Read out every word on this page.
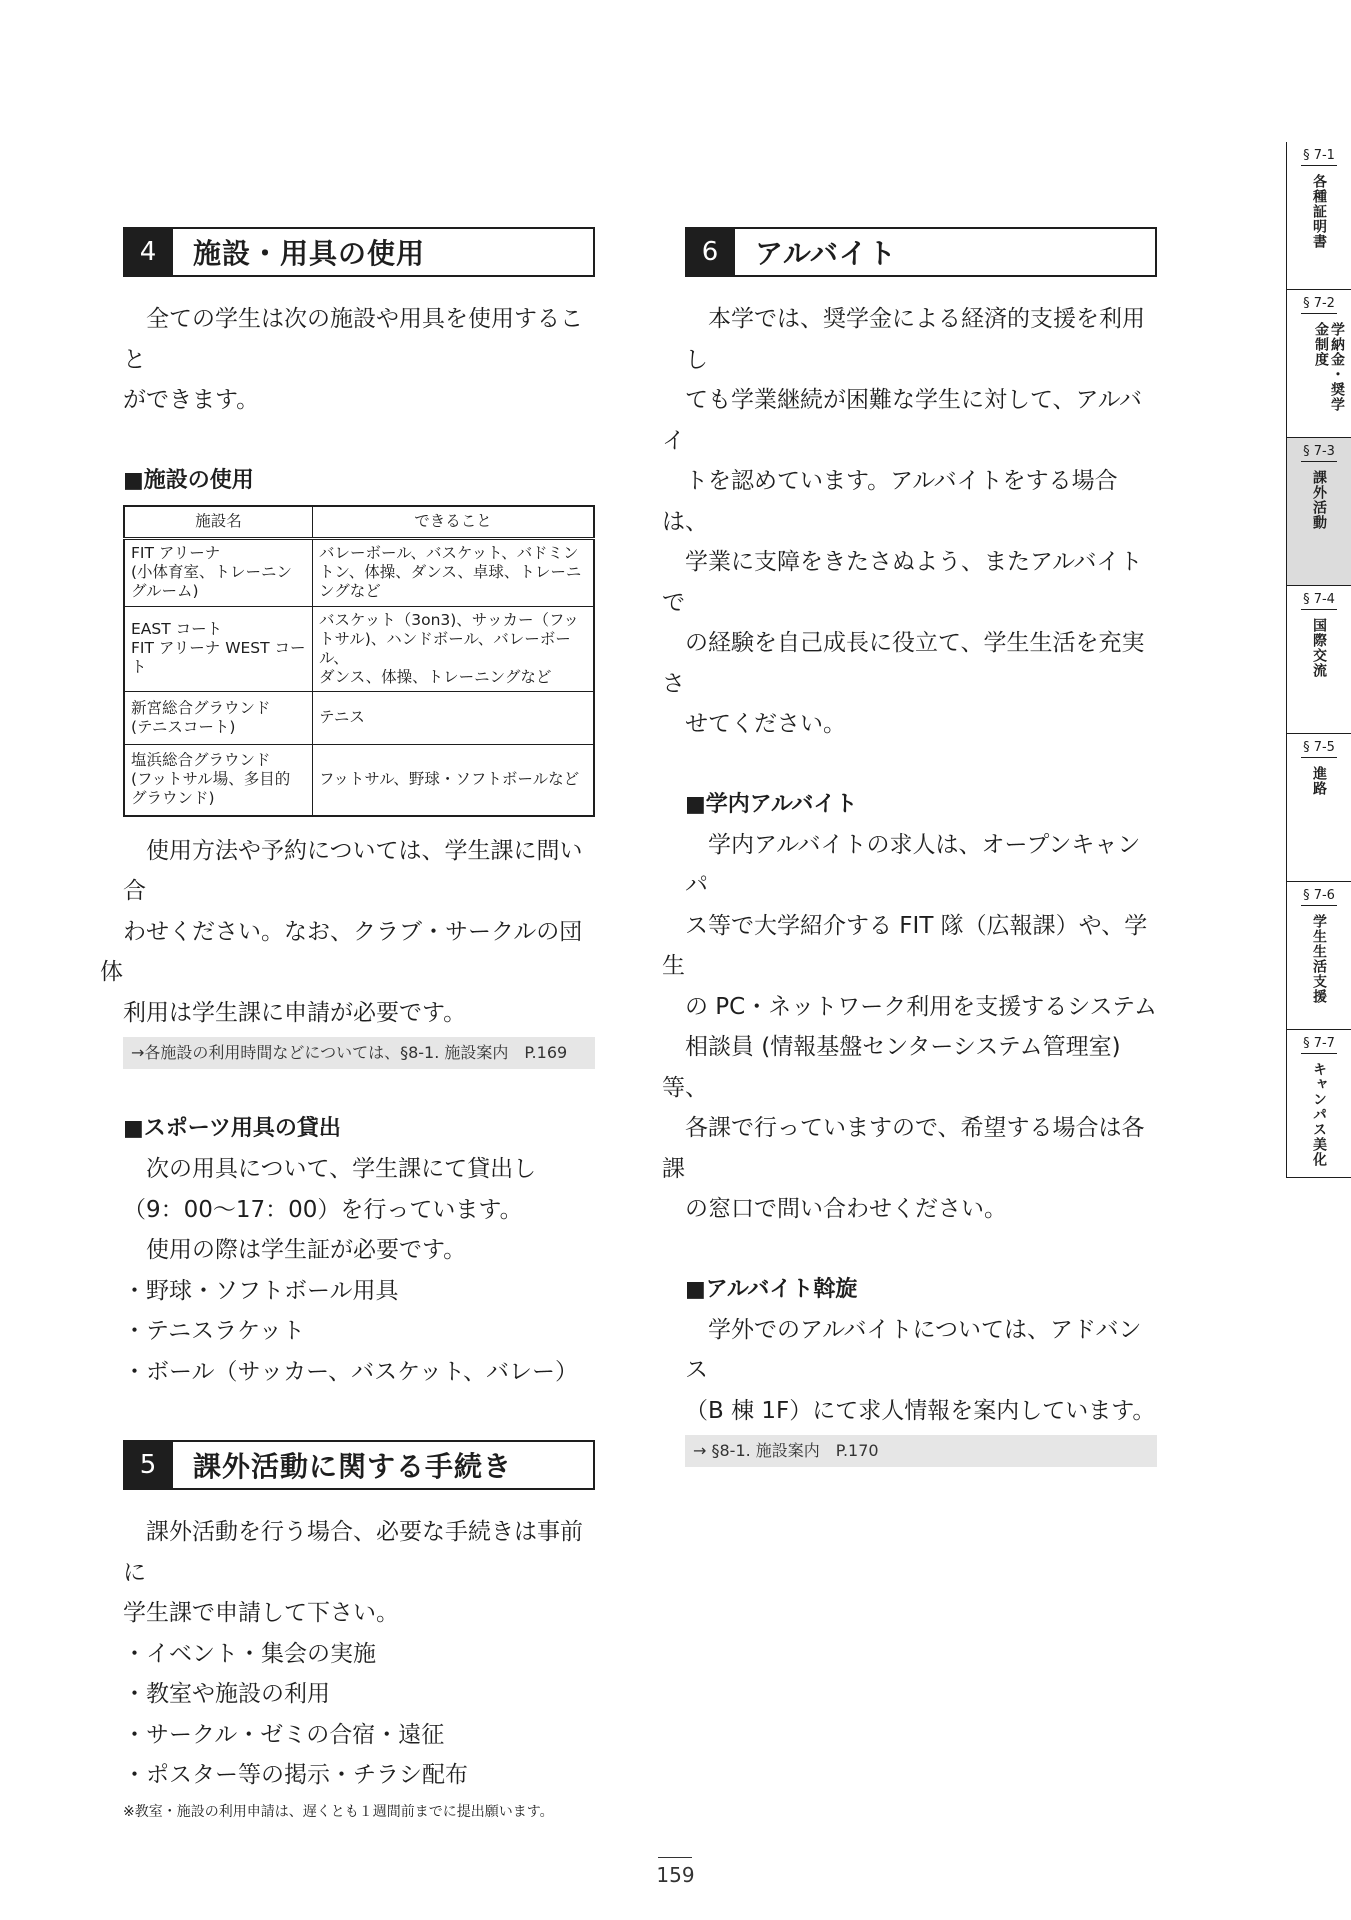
4	施設・用具の使用

全ての学生は次の施設や用具を使用すること
ができます。

■施設の使用

施設名	できること

FIT アリーナ
(小体育室、トレーニン
グルーム)	バレーボール、バスケット、バドミン
トン、体操、ダンス、卓球、トレーニ
ングなど

EAST コート
FIT アリーナ WEST コート	バスケット（3on3)、サッカー（フッ
トサル)、ハンドボール、バレーボール、
ダンス、体操、トレーニングなど

新宮総合グラウンド
(テニスコート)	テニス

塩浜総合グラウンド
(フットサル場、多目的
グラウンド)	フットサル、野球・ソフトボールなど

使用方法や予約については、学生課に問い合
わせください。なお、クラブ・サークルの団体
利用は学生課に申請が必要です。

→各施設の利用時間などについては、§8-1. 施設案内　P.169

■スポーツ用具の貸出

次の用具について、学生課にて貸出し
（9：00〜17：00）を行っています。
使用の際は学生証が必要です。

・野球・ソフトボール用具

・テニスラケット

・ボール（サッカー、バスケット、バレー）

5	課外活動に関する手続き

課外活動を行う場合、必要な手続きは事前に
学生課で申請して下さい。

・イベント・集会の実施

・教室や施設の利用

・サークル・ゼミの合宿・遠征

・ポスター等の掲示・チラシ配布

※教室・施設の利用申請は、遅くとも１週間前までに提出願います。

6	アルバイト

本学では、奨学金による経済的支援を利用し
ても学業継続が困難な学生に対して、アルバイ
トを認めています。アルバイトをする場合は、
学業に支障をきたさぬよう、またアルバイトで
の経験を自己成長に役立て、学生生活を充実さ
せてください。

■学内アルバイト

学内アルバイトの求人は、オープンキャンパ
ス等で大学紹介する FIT 隊（広報課）や、学生
の PC・ネットワーク利用を支援するシステム
相談員 (情報基盤センターシステム管理室) 等、
各課で行っていますので、希望する場合は各課
の窓口で問い合わせください。

■アルバイト斡旋

学外でのアルバイトについては、アドバンス
（B 棟 1F）にて求人情報を案内しています。

→ §8-1. 施設案内　P.170
§ 7-1
各種証明書
§ 7-2
学納金・奨学金制度
§ 7-3
課外活動
§ 7-4
国際交流
§ 7-5
進路
§ 7-6
学生生活支援
§ 7-7
キャンパス美化
159
